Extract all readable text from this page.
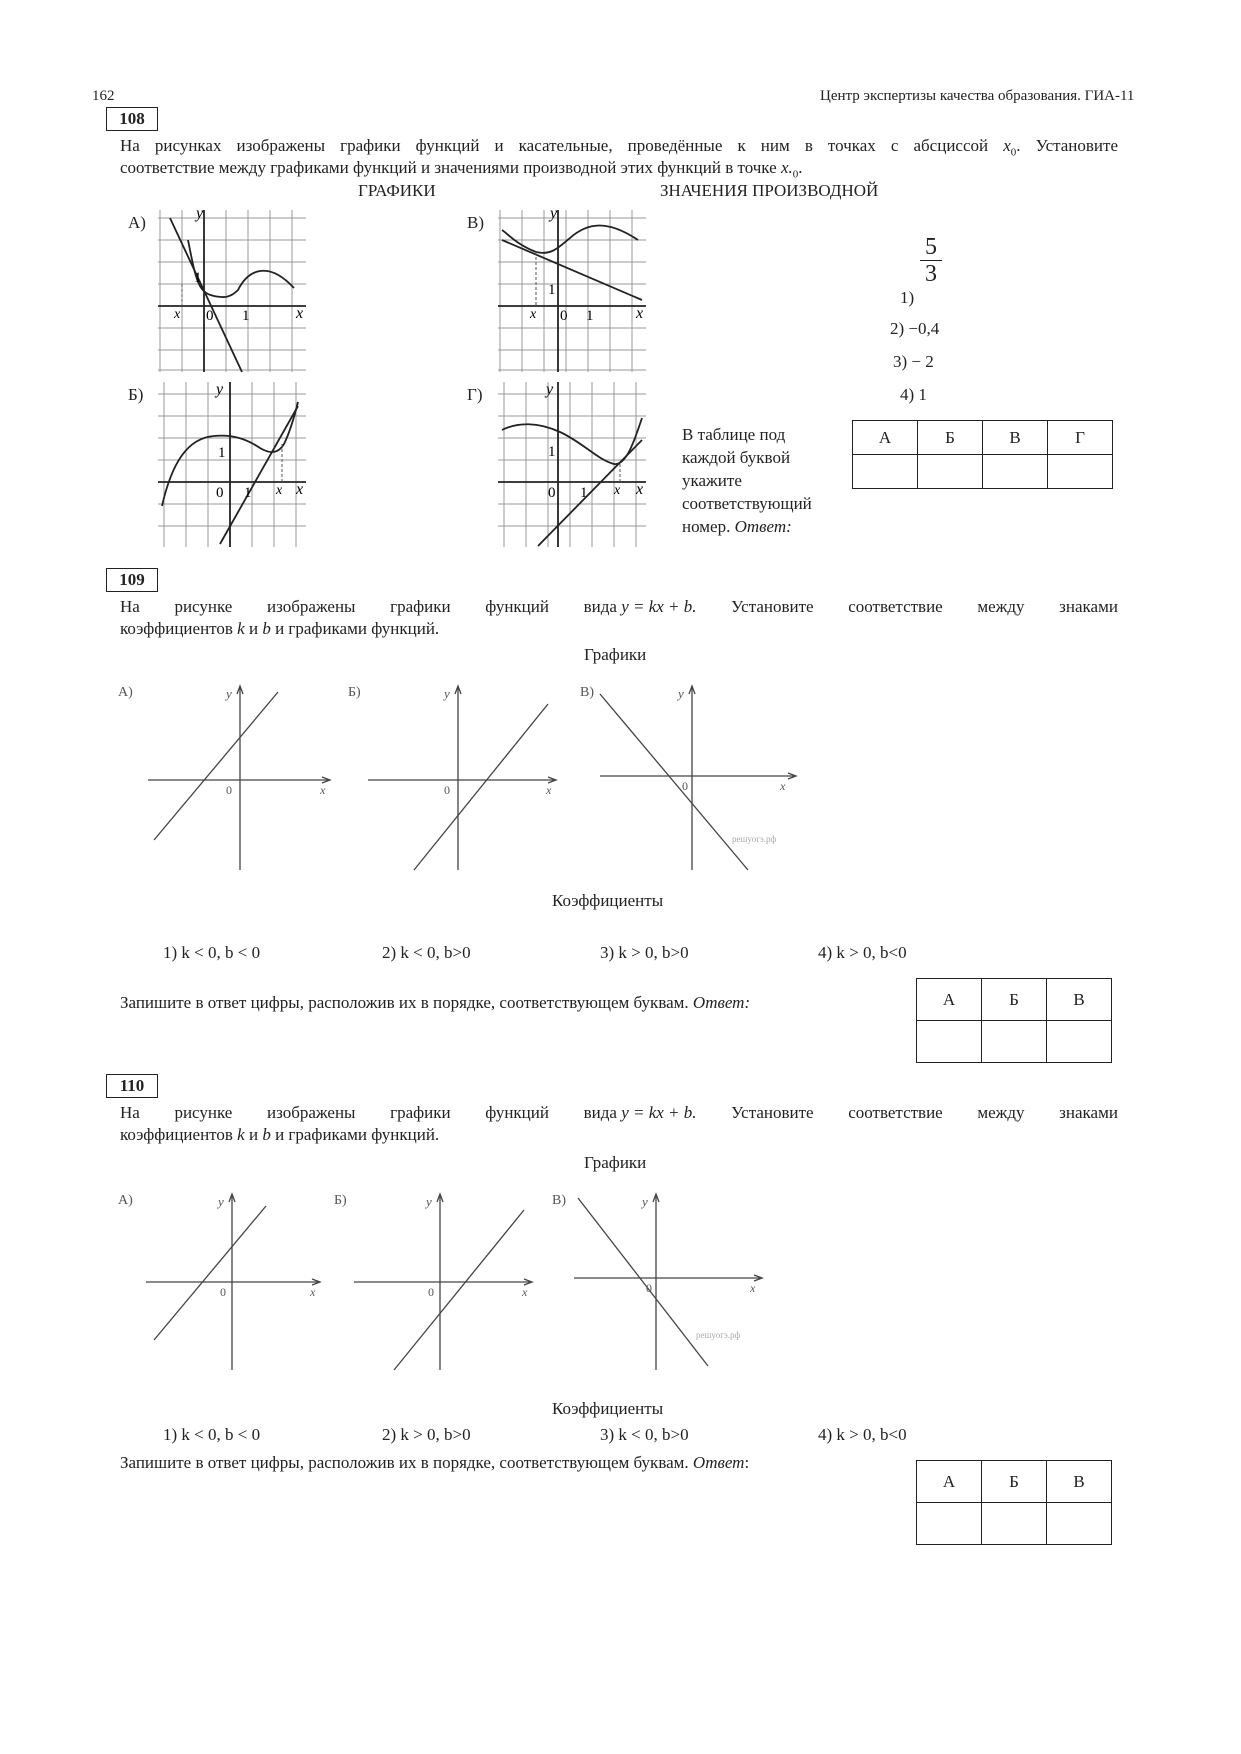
162	Центр экспертизы качества образования. ГИА-11
108
На рисунках изображены графики функций и касательные, проведённые к ним в точках с абсциссой $x_0$. Установите
соответствие между графиками функций и значениями производной этих функций в точке $x._0$.
ГРАФИКИ	ЗНАЧЕНИЯ ПРОИЗВОДНОЙ
А)	В)
Б)	Г)
y
x
1
0 1
x
y
x
1
0 1
x
y
x
1
0 1 x
y
x
1
0 1 x
1)
$\frac{5}{3}$
2) −0,4
3) − 2
4) 1
В таблице под
каждой буквой
укажите
соответствующий
номер. Ответ:
А	Б	В	Г

109
На рисунке изображены графики функций вида y = kx + b. Установите соответствие между знаками
коэффициентов k и b и графиками функций.
Графики
А)	y
x
0
Б)	y
x
0
В)	y
x
0
решуогэ.рф
Коэффициенты
1) k < 0, b < 0	2) k < 0, b>0	3) k > 0, b>0	4) k > 0, b<0
Запишите в ответ цифры, расположив их в порядке, соответствующем буквам. Ответ:	А	Б	В

110
На рисунке изображены графики функций вида y = kx + b. Установите соответствие между знаками
коэффициентов k и b и графиками функций.
Графики
А)	y
x
0
Б)	y
x
0
В)	y
x
0
решуогэ.рф
Коэффициенты
1) k < 0, b < 0	2) k > 0, b>0	3) k < 0, b>0	4) k > 0, b<0
Запишите в ответ цифры, расположив их в порядке, соответствующем буквам. Ответ:
А	Б	В
